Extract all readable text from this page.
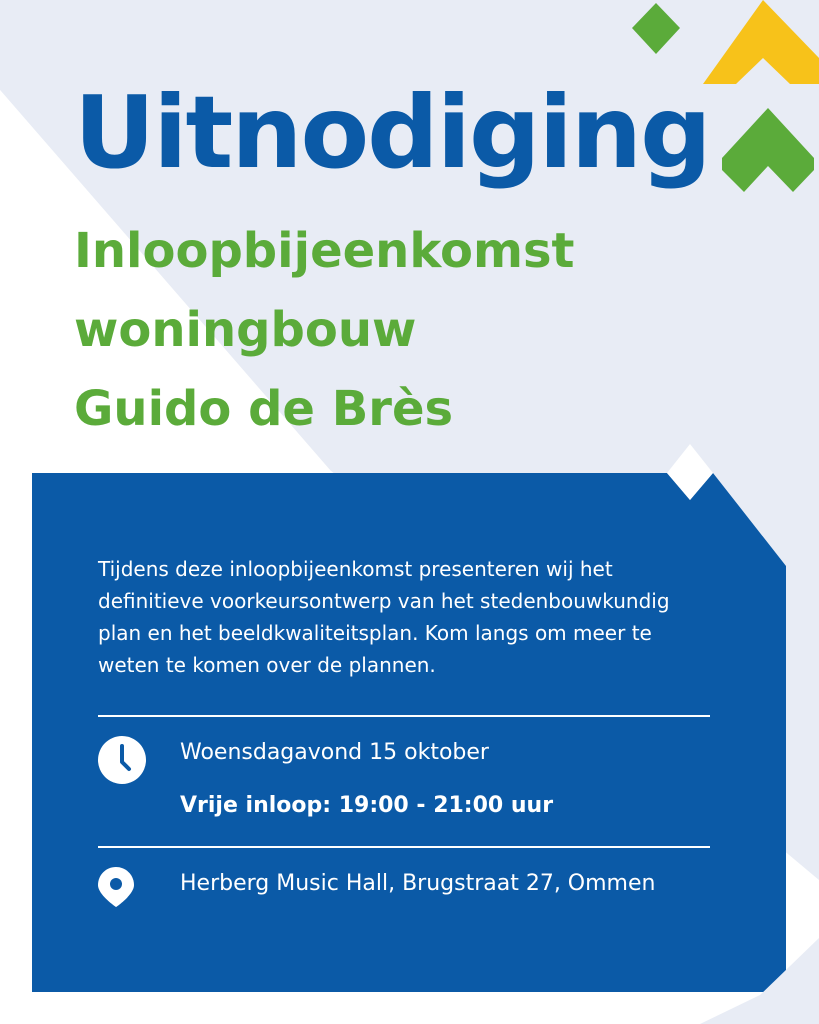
Uitnodiging
Inloopbijeenkomst
woningbouw
Guido de Brès

Tijdens deze inloopbijeenkomst presenteren wij het definitieve voorkeursontwerp van het stedenbouwkundig plan en het beeldkwaliteitsplan. Kom langs om meer te weten te komen over de plannen.

Woensdagavond 15 oktober
Vrije inloop: 19:00 - 21:00 uur
Herberg Music Hall, Brugstraat 27, Ommen
